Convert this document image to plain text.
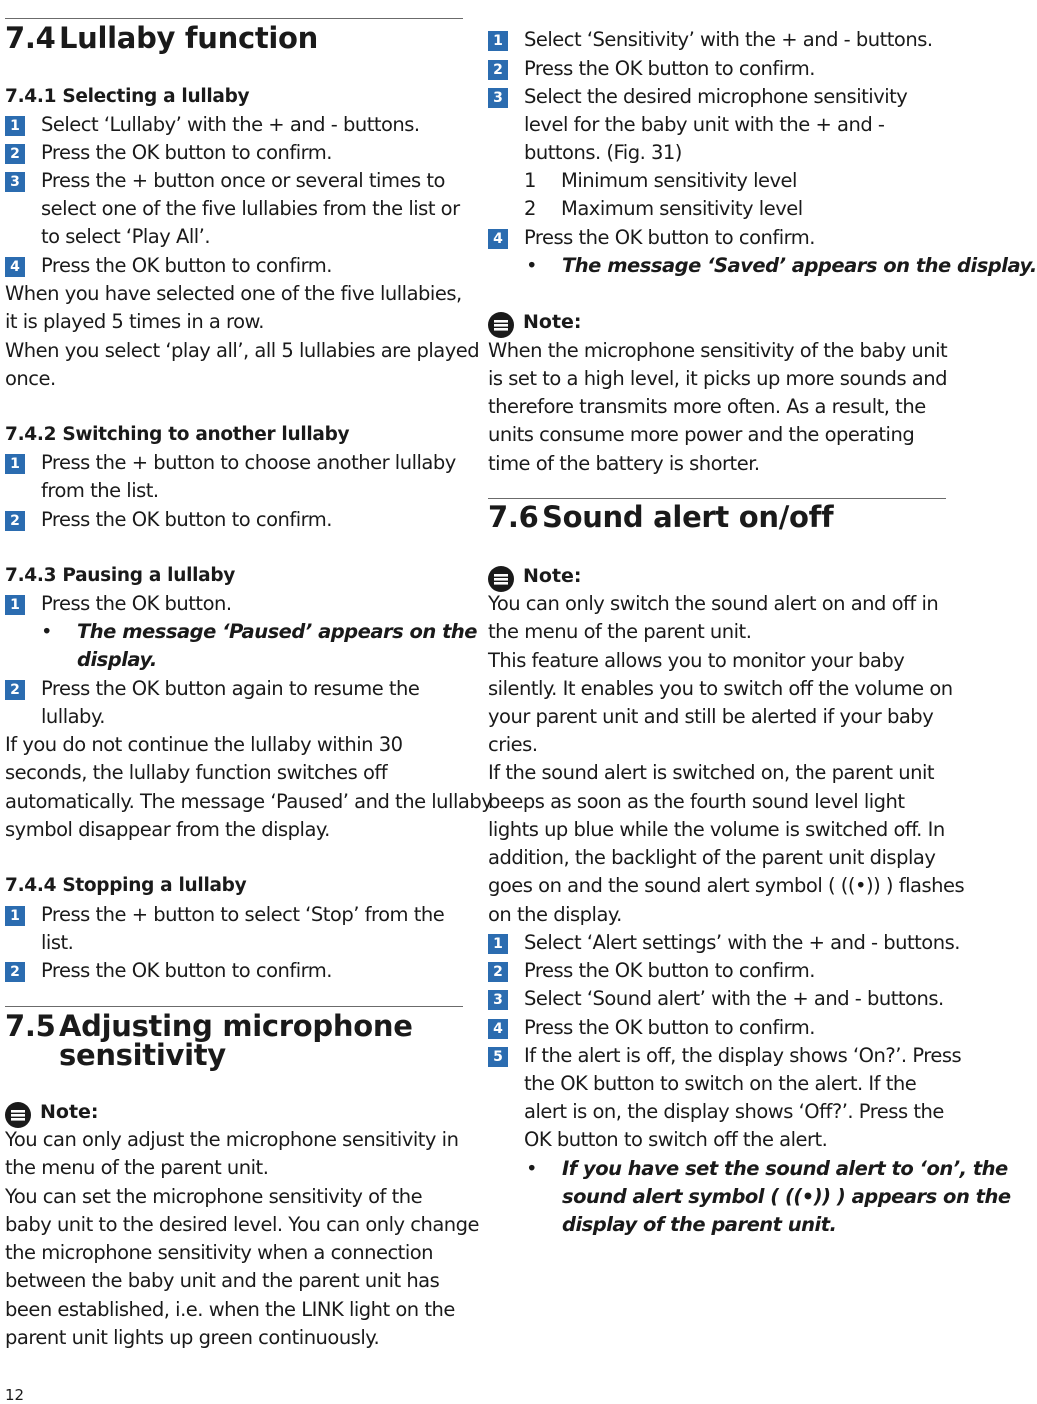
7.4 Lullaby function
7.4.1 Selecting a lullaby
1 Select ‘Lullaby’ with the + and - buttons.
2 Press the OK button to confirm.
3 Press the + button once or several times to
select one of the five lullabies from the list or
to select ‘Play All’.
4 Press the OK button to confirm.
When you have selected one of the five lullabies,
it is played 5 times in a row.
When you select ‘play all’, all 5 lullabies are played
once.
7.4.2 Switching to another lullaby
1 Press the + button to choose another lullaby
from the list.
2 Press the OK button to confirm.
7.4.3 Pausing a lullaby
1 Press the OK button.
• The message ‘Paused’ appears on the
display.
2 Press the OK button again to resume the
lullaby.
If you do not continue the lullaby within 30
seconds, the lullaby function switches off
automatically. The message ‘Paused’ and the lullaby
symbol disappear from the display.
7.4.4 Stopping a lullaby
1 Press the + button to select ‘Stop’ from the
list.
2 Press the OK button to confirm.
7.5 Adjusting microphone
sensitivity
Note:
You can only adjust the microphone sensitivity in
the menu of the parent unit.
You can set the microphone sensitivity of the
baby unit to the desired level. You can only change
the microphone sensitivity when a connection
between the baby unit and the parent unit has
been established, i.e. when the LINK light on the
parent unit lights up green continuously.
1 Select ‘Sensitivity’ with the + and - buttons.
2 Press the OK button to confirm.
3 Select the desired microphone sensitivity
level for the baby unit with the + and -
buttons. (Fig. 31)
1 Minimum sensitivity level
2 Maximum sensitivity level
4 Press the OK button to confirm.
• The message ‘Saved’ appears on the display.
Note:
When the microphone sensitivity of the baby unit
is set to a high level, it picks up more sounds and
therefore transmits more often. As a result, the
units consume more power and the operating
time of the battery is shorter.
7.6 Sound alert on/off
Note:
You can only switch the sound alert on and off in
the menu of the parent unit.
This feature allows you to monitor your baby
silently. It enables you to switch off the volume on
your parent unit and still be alerted if your baby
cries.
If the sound alert is switched on, the parent unit
beeps as soon as the fourth sound level light
lights up blue while the volume is switched off. In
addition, the backlight of the parent unit display
goes on and the sound alert symbol ( ((•)) ) flashes
on the display.
1 Select ‘Alert settings’ with the + and - buttons.
2 Press the OK button to confirm.
3 Select ‘Sound alert’ with the + and - buttons.
4 Press the OK button to confirm.
5 If the alert is off, the display shows ‘On?’. Press
the OK button to switch on the alert. If the
alert is on, the display shows ‘Off?’. Press the
OK button to switch off the alert.
• If you have set the sound alert to ‘on’, the
sound alert symbol ( ((•)) ) appears on the
display of the parent unit.
12
